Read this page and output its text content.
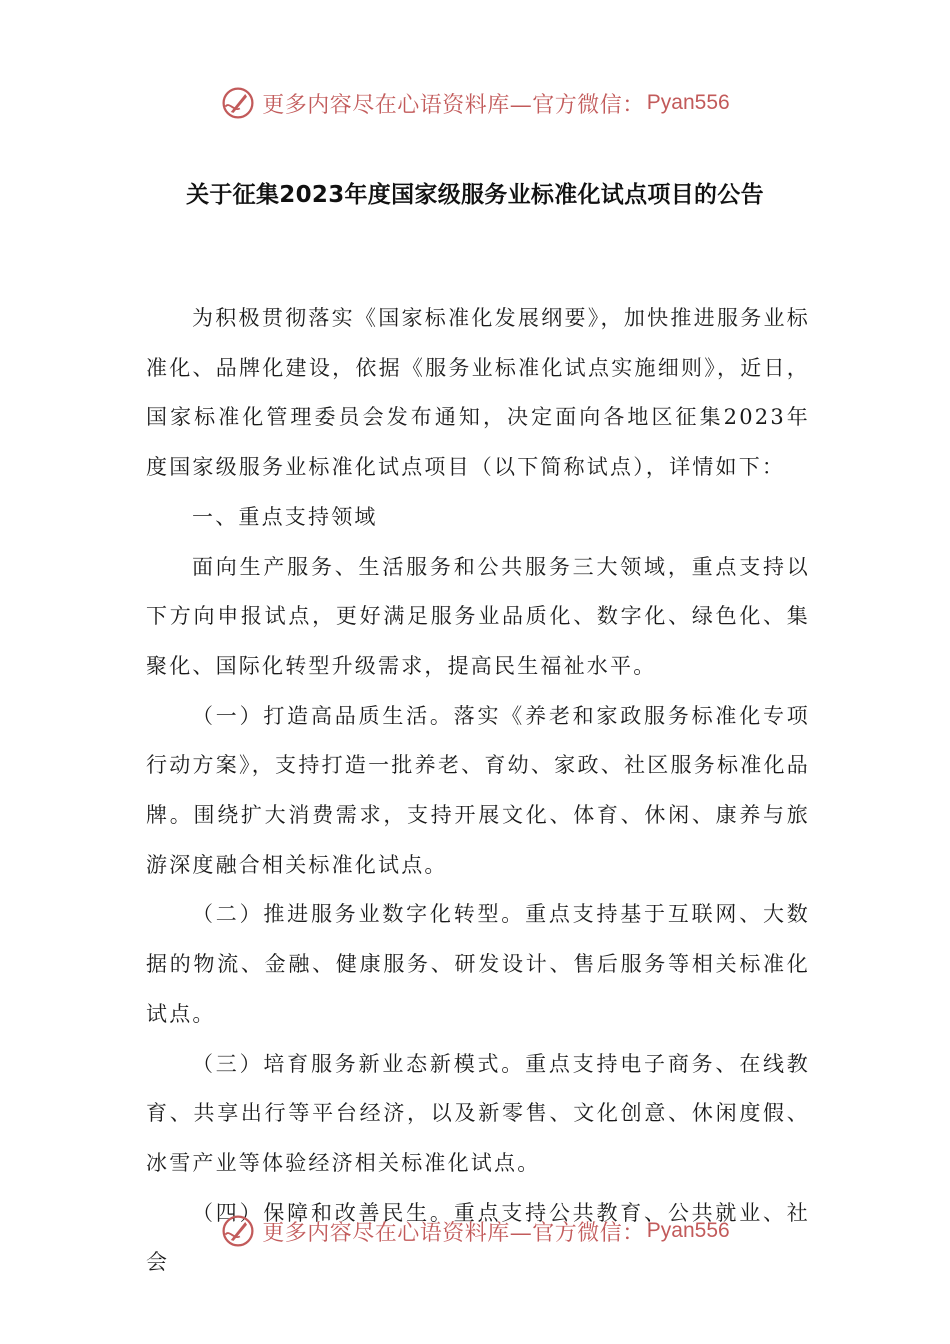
更多内容尽在心语资料库—官方微信： Pyan556
关于征集2023年度国家级服务业标准化试点项目的公告

为积极贯彻落实《国家标准化发展纲要》，加快推进服务业标准化、品牌化建设，依据《服务业标准化试点实施细则》，近日，国家标准化管理委员会发布通知，决定面向各地区征集2023年度国家级服务业标准化试点项目（以下简称试点），详情如下：

一、重点支持领域

面向生产服务、生活服务和公共服务三大领域，重点支持以下方向申报试点，更好满足服务业品质化、数字化、绿色化、集聚化、国际化转型升级需求，提高民生福祉水平。

（一）打造高品质生活。落实《养老和家政服务标准化专项行动方案》，支持打造一批养老、育幼、家政、社区服务标准化品牌。围绕扩大消费需求，支持开展文化、体育、休闲、康养与旅游深度融合相关标准化试点。

（二）推进服务业数字化转型。重点支持基于互联网、大数据的物流、金融、健康服务、研发设计、售后服务等相关标准化试点。

（三）培育服务新业态新模式。重点支持电子商务、在线教育、共享出行等平台经济，以及新零售、文化创意、休闲度假、冰雪产业等体验经济相关标准化试点。

（四）保障和改善民生。重点支持公共教育、公共就业、社会

更多内容尽在心语资料库—官方微信： Pyan556
